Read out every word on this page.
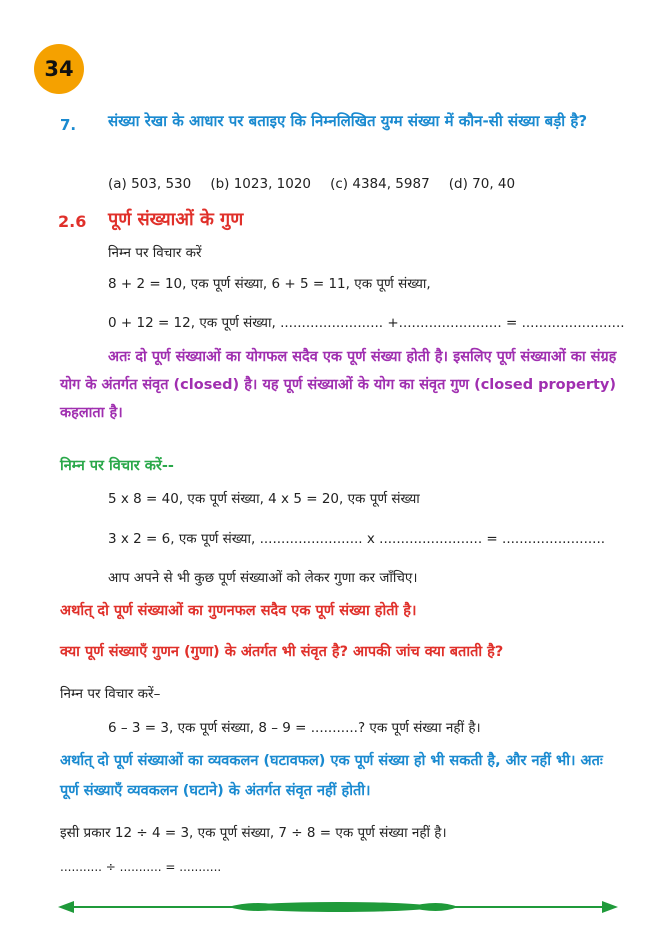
34
7. संख्या रेखा के आधार पर बताइए कि निम्नलिखित युग्म संख्या में कौन-सी संख्या बड़ी है?
(a) 503, 530 (b) 1023, 1020 (c) 4384, 5987 (d) 70, 40
2.6 पूर्ण संख्याओं के गुण
निम्न पर विचार करें
8 + 2 = 10, एक पूर्ण संख्या, 6 + 5 = 11, एक पूर्ण संख्या,
0 + 12 = 12, एक पूर्ण संख्या, ........................ +........................ = ........................
अतः दो पूर्ण संख्याओं का योगफल सदैव एक पूर्ण संख्या होती है। इसलिए पूर्ण संख्याओं का संग्रह योग के अंतर्गत संवृत (closed) है। यह पूर्ण संख्याओं के योग का संवृत गुण (closed property) कहलाता है।
निम्न पर विचार करें--
5 x 8 = 40, एक पूर्ण संख्या, 4 x 5 = 20, एक पूर्ण संख्या
3 x 2 = 6, एक पूर्ण संख्या, ........................ x ........................ = ........................
आप अपने से भी कुछ पूर्ण संख्याओं को लेकर गुणा कर जाँचिए।
अर्थात् दो पूर्ण संख्याओं का गुणनफल सदैव एक पूर्ण संख्या होती है।
क्या पूर्ण संख्याएँ गुणन (गुणा) के अंतर्गत भी संवृत है? आपकी जांच क्या बताती है?
निम्न पर विचार करें–
6 – 3 = 3, एक पूर्ण संख्या, 8 – 9 = ...........? एक पूर्ण संख्या नहीं है।
अर्थात् दो पूर्ण संख्याओं का व्यवकलन (घटावफल) एक पूर्ण संख्या हो भी सकती है, और नहीं भी। अतः पूर्ण संख्याएँ व्यवकलन (घटाने) के अंतर्गत संवृत नहीं होती।
इसी प्रकार 12 ÷ 4 = 3, एक पूर्ण संख्या, 7 ÷ 8 = एक पूर्ण संख्या नहीं है।
........... ÷ ........... = ...........
